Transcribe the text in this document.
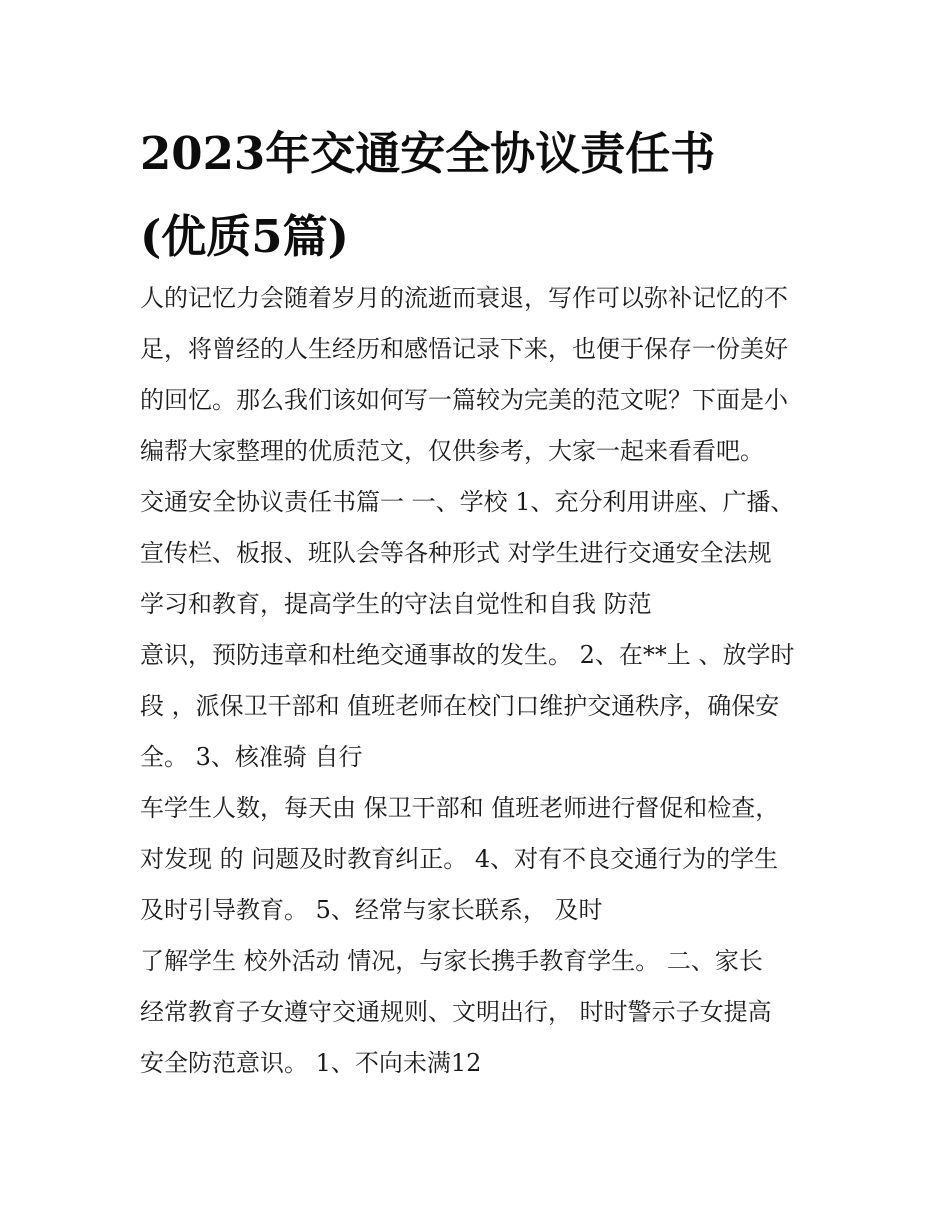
2023年交通安全协议责任书
(优质5篇)
人的记忆力会随着岁月的流逝而衰退，写作可以弥补记忆的不
足，将曾经的人生经历和感悟记录下来，也便于保存一份美好
的回忆。那么我们该如何写一篇较为完美的范文呢？下面是小
编帮大家整理的优质范文，仅供参考，大家一起来看看吧。
交通安全协议责任书篇一 一、学校 1、充分利用讲座、广播、
宣传栏、板报、班队会等各种形式 对学生进行交通安全法规
学习和教育，提高学生的守法自觉性和自我 防范
意识，预防违章和杜绝交通事故的发生。 2、在**上 、放学时
段 ，派保卫干部和 值班老师在校门口维护交通秩序，确保安
全。 3、核准骑 自行
车学生人数，每天由 保卫干部和 值班老师进行督促和检查，
对发现 的 问题及时教育纠正。 4、对有不良交通行为的学生
及时引导教育。 5、经常与家长联系， 及时
了解学生 校外活动 情况，与家长携手教育学生。 二、家长
经常教育子女遵守交通规则、文明出行， 时时警示子女提高
安全防范意识。 1、不向未满12
